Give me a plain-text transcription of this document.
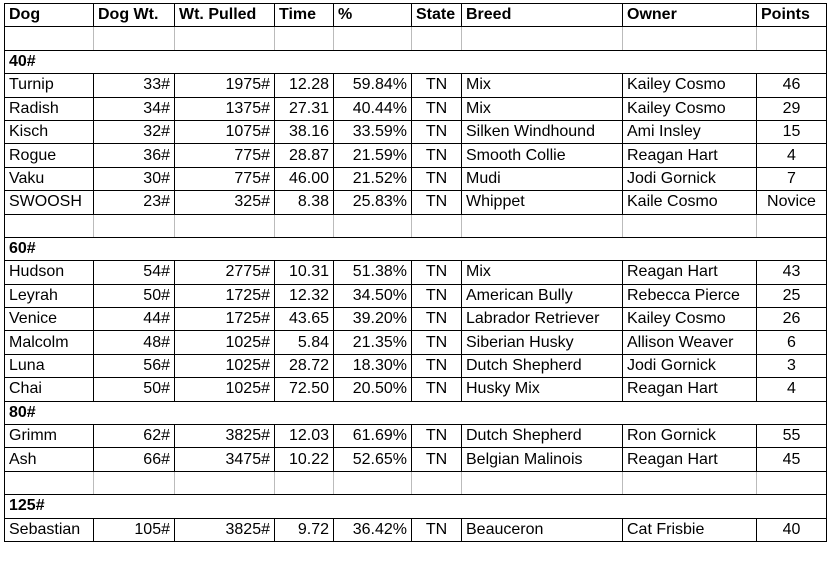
Dog	Dog Wt.	Wt. Pulled	Time	%	State	Breed	Owner	Points

40#								
Turnip	33#	1975#	12.28	59.84%	TN	Mix	Kailey Cosmo	46
Radish	34#	1375#	27.31	40.44%	TN	Mix	Kailey Cosmo	29
Kisch	32#	1075#	38.16	33.59%	TN	Silken Windhound	Ami Insley	15
Rogue	36#	775#	28.87	21.59%	TN	Smooth Collie	Reagan Hart	4
Vaku	30#	775#	46.00	21.52%	TN	Mudi	Jodi Gornick	7
SWOOSH	23#	325#	8.38	25.83%	TN	Whippet	Kaile Cosmo	Novice

60#								
Hudson	54#	2775#	10.31	51.38%	TN	Mix	Reagan Hart	43
Leyrah	50#	1725#	12.32	34.50%	TN	American Bully	Rebecca Pierce	25
Venice	44#	1725#	43.65	39.20%	TN	Labrador Retriever	Kailey Cosmo	26
Malcolm	48#	1025#	5.84	21.35%	TN	Siberian Husky	Allison Weaver	6
Luna	56#	1025#	28.72	18.30%	TN	Dutch Shepherd	Jodi Gornick	3
Chai	50#	1025#	72.50	20.50%	TN	Husky Mix	Reagan Hart	4
80#								
Grimm	62#	3825#	12.03	61.69%	TN	Dutch Shepherd	Ron Gornick	55
Ash	66#	3475#	10.22	52.65%	TN	Belgian Malinois	Reagan Hart	45

125#								
Sebastian	105#	3825#	9.72	36.42%	TN	Beauceron	Cat Frisbie	40
